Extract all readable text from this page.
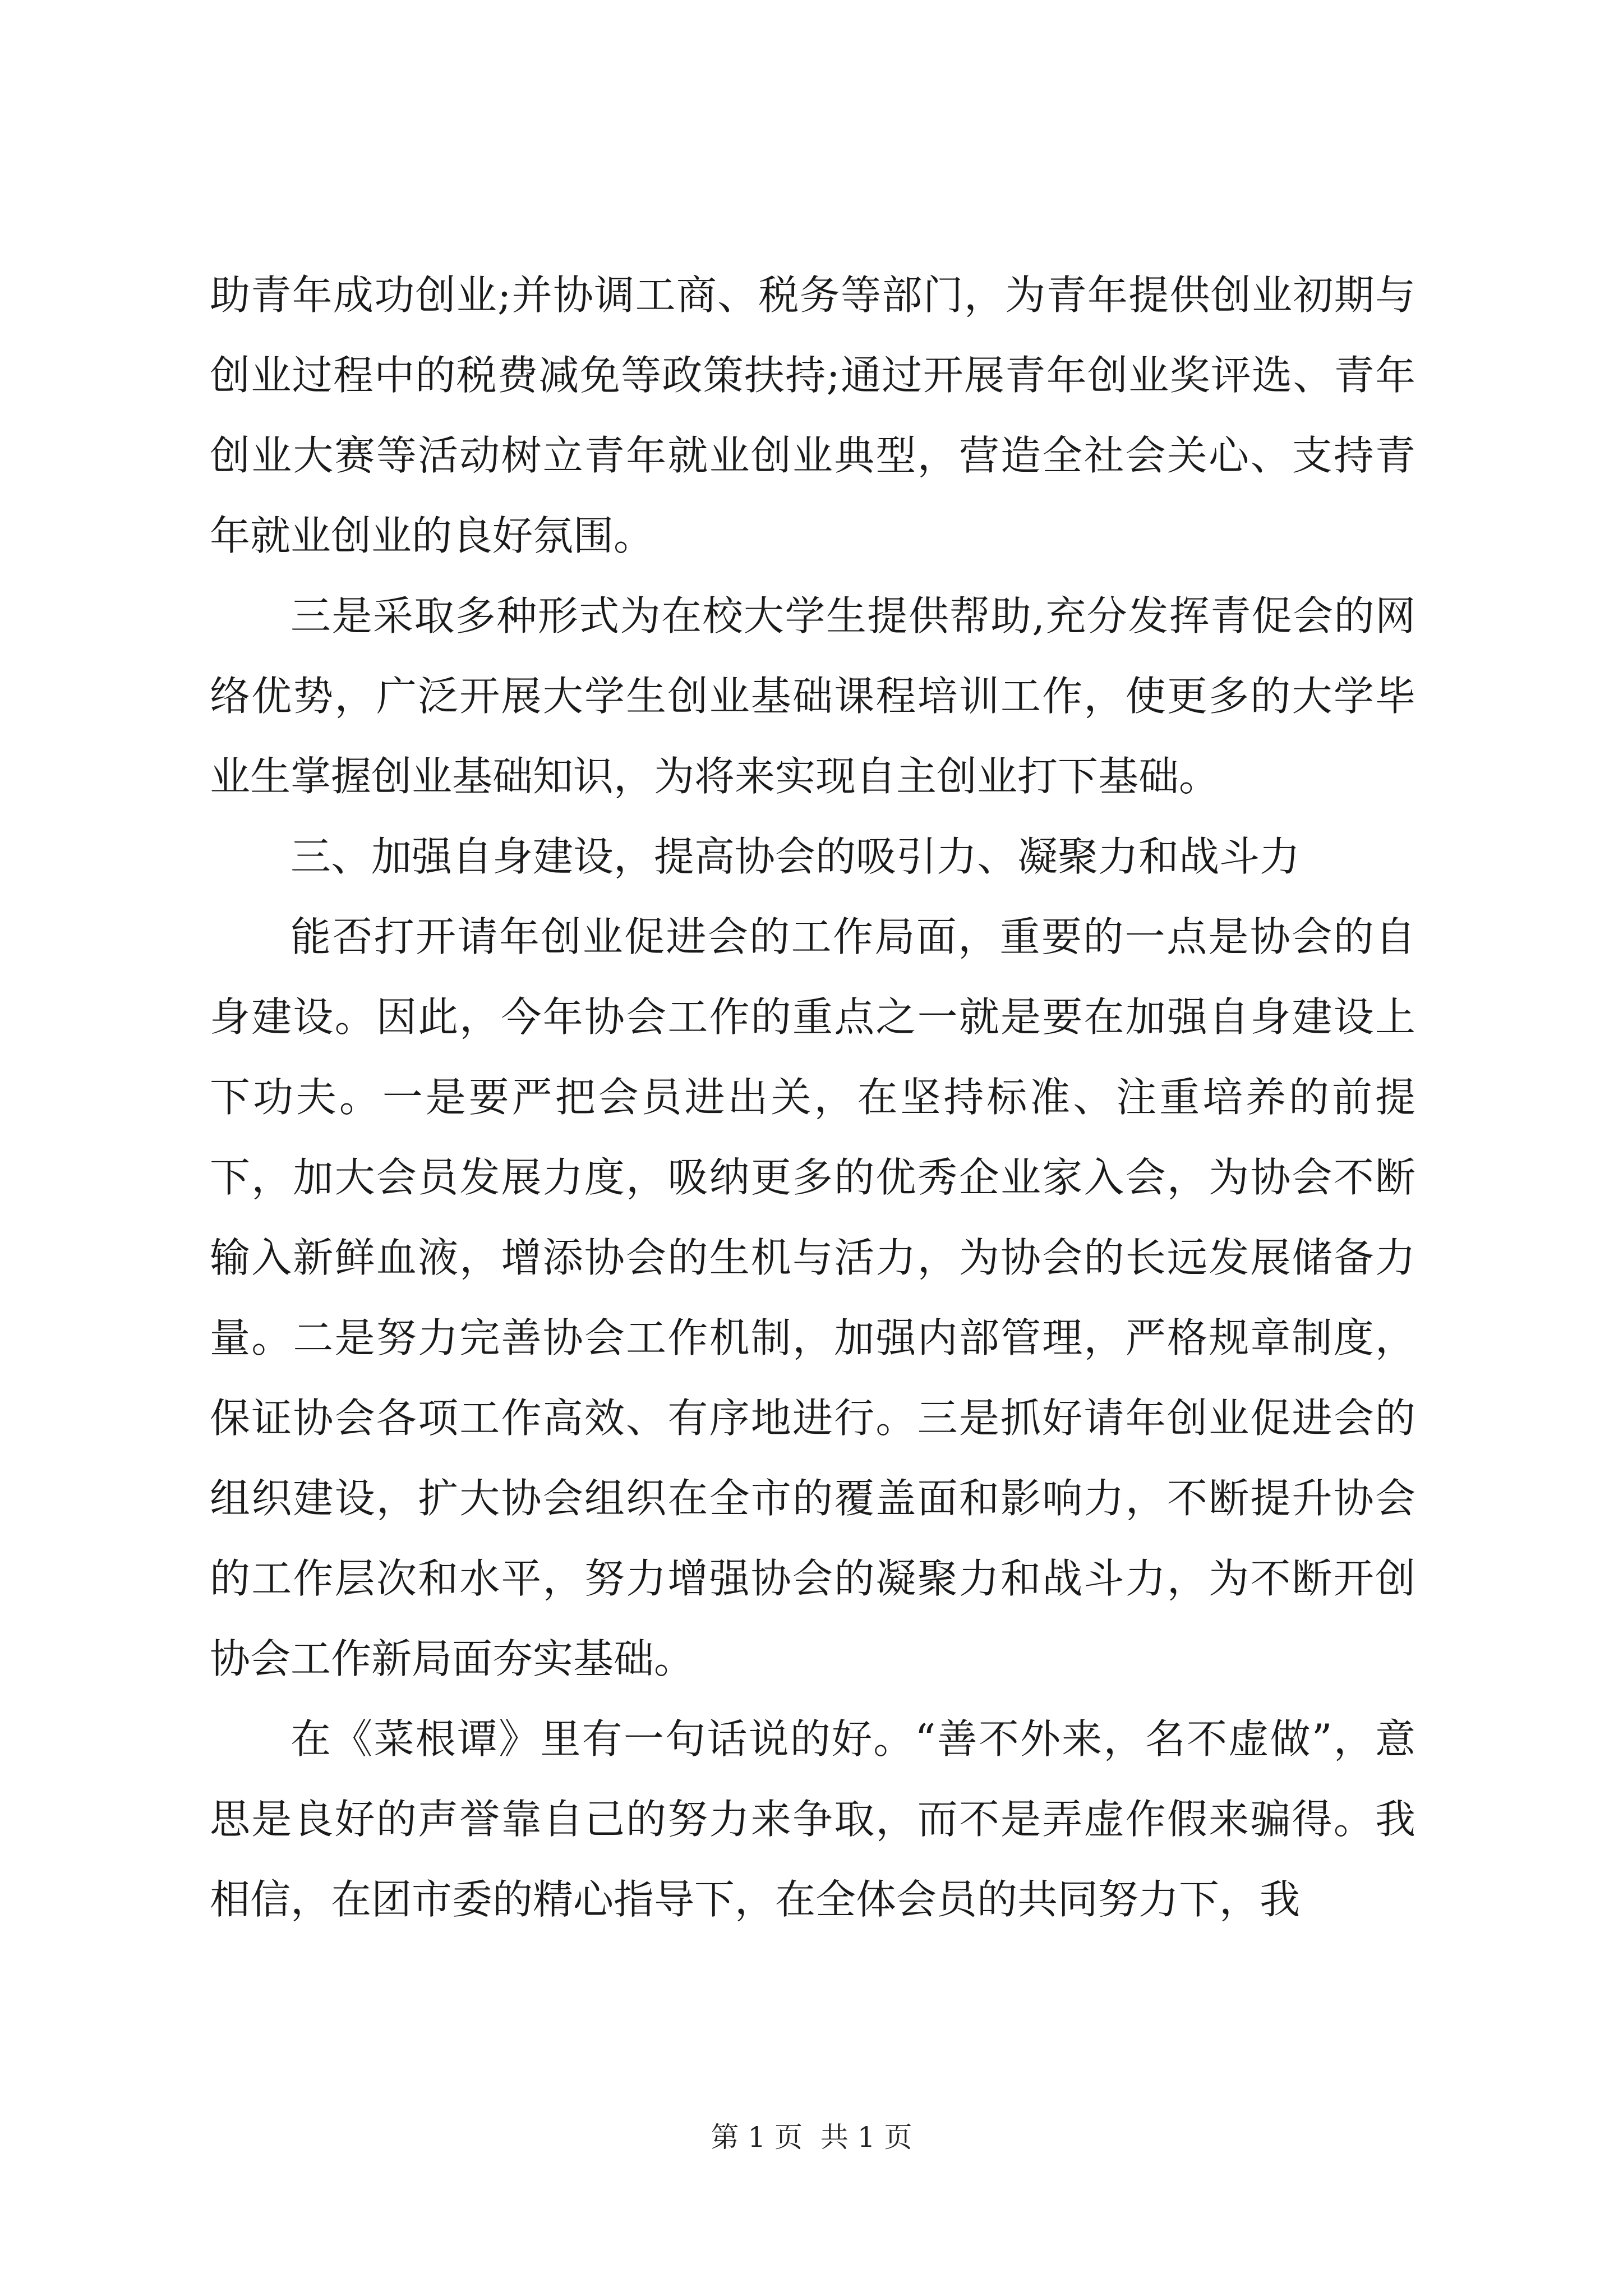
助青年成功创业;并协调工商、税务等部门，为青年提供创业初期与创业过程中的税费减免等政策扶持;通过开展青年创业奖评选、青年创业大赛等活动树立青年就业创业典型，营造全社会关心、支持青年就业创业的良好氛围。

三是采取多种形式为在校大学生提供帮助,充分发挥青促会的网络优势，广泛开展大学生创业基础课程培训工作，使更多的大学毕业生掌握创业基础知识，为将来实现自主创业打下基础。

三、加强自身建设，提高协会的吸引力、凝聚力和战斗力

能否打开请年创业促进会的工作局面，重要的一点是协会的自身建设。因此，今年协会工作的重点之一就是要在加强自身建设上下功夫。一是要严把会员进出关，在坚持标准、注重培养的前提下，加大会员发展力度，吸纳更多的优秀企业家入会，为协会不断输入新鲜血液，增添协会的生机与活力，为协会的长远发展储备力量。二是努力完善协会工作机制，加强内部管理，严格规章制度，保证协会各项工作高效、有序地进行。三是抓好请年创业促进会的组织建设，扩大协会组织在全市的覆盖面和影响力，不断提升协会的工作层次和水平，努力增强协会的凝聚力和战斗力，为不断开创协会工作新局面夯实基础。

在《菜根谭》里有一句话说的好。“善不外来，名不虚做”，意思是良好的声誉靠自己的努力来争取，而不是弄虚作假来骗得。我相信，在团市委的精心指导下，在全体会员的共同努力下，我

第 1 页  共 1 页
